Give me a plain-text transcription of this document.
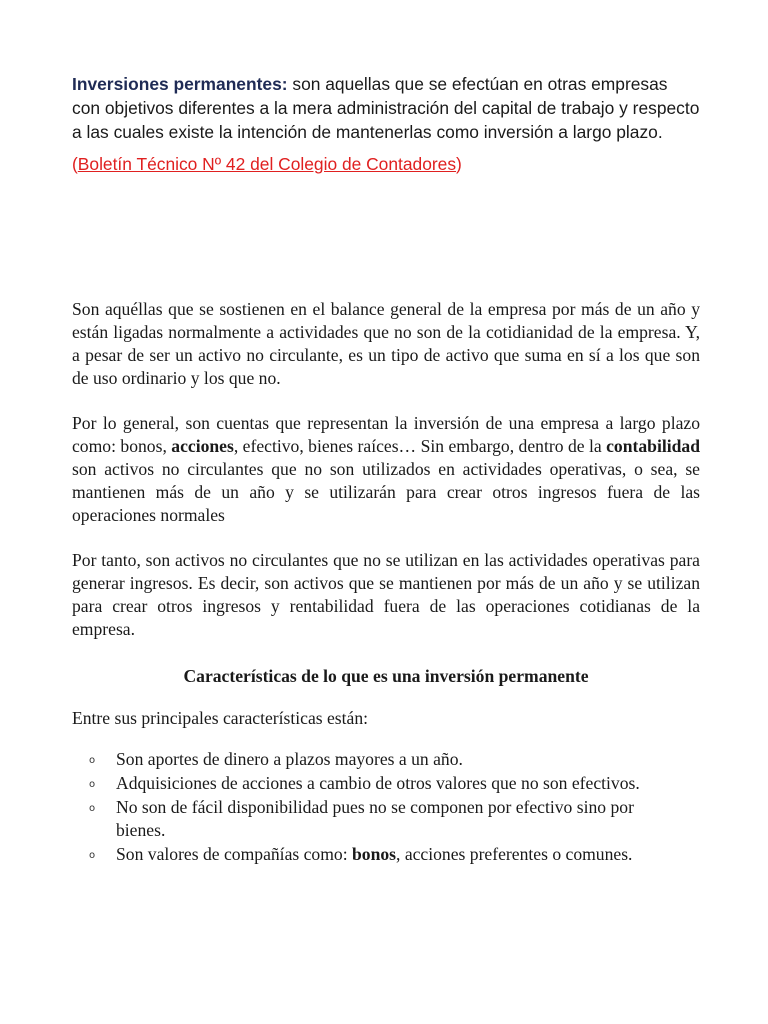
Inversiones permanentes: son aquellas que se efectúan en otras empresas con objetivos diferentes a la mera administración del capital de trabajo y respecto a las cuales existe la intención de mantenerlas como inversión a largo plazo.
(Boletín Técnico Nº 42 del Colegio de Contadores)

Son aquéllas que se sostienen en el balance general de la empresa por más de un año y están ligadas normalmente a actividades que no son de la cotidianidad de la empresa. Y, a pesar de ser un activo no circulante, es un tipo de activo que suma en sí a los que son de uso ordinario y los que no.

Por lo general, son cuentas que representan la inversión de una empresa a largo plazo como: bonos, acciones, efectivo, bienes raíces… Sin embargo, dentro de la contabilidad son activos no circulantes que no son utilizados en actividades operativas, o sea, se mantienen más de un año y se utilizarán para crear otros ingresos fuera de las operaciones normales

Por tanto, son activos no circulantes que no se utilizan en las actividades operativas para generar ingresos. Es decir, son activos que se mantienen por más de un año y se utilizan para crear otros ingresos y rentabilidad fuera de las operaciones cotidianas de la empresa.

Características de lo que es una inversión permanente
Entre sus principales características están:
o Son aportes de dinero a plazos mayores a un año.
o Adquisiciones de acciones a cambio de otros valores que no son efectivos.
o No son de fácil disponibilidad pues no se componen por efectivo sino por bienes.
o Son valores de compañías como: bonos, acciones preferentes o comunes.
